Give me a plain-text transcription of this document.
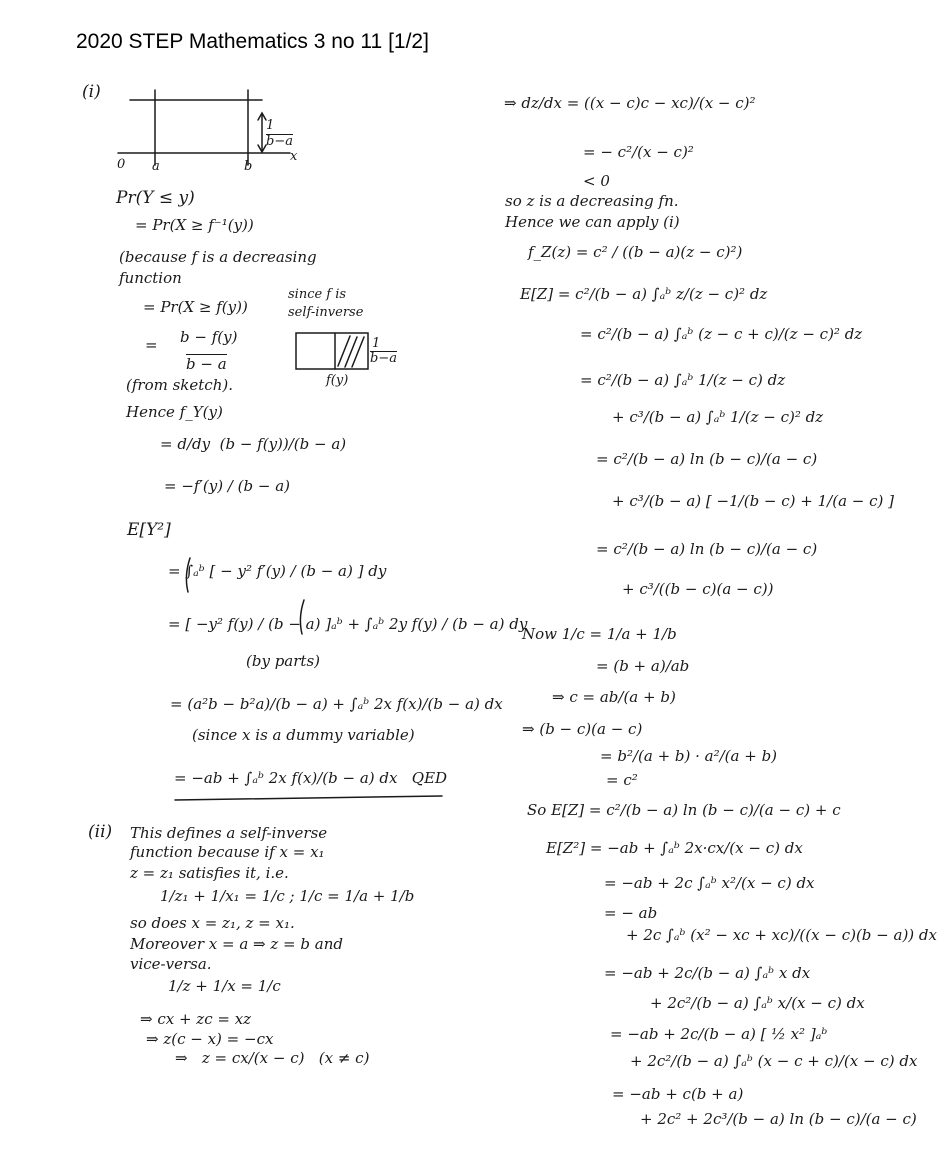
2020 STEP Mathematics 3 no 11 [1/2]
(i)
0 a	b
x
1
b−a
Pr(Y ≤ y)
= Pr(X ≥ f⁻¹(y))
(because f is a decreasing
function
= Pr(X ≥ f(y))
since f is
self-inverse
= b − f(y)
b − a
f(y)
1
b−a
(from sketch).
Hence f_Y(y)
= d/dy  (b − f(y))/(b − a)
= −f′(y) / (b − a)
E[Y²]
= ∫ₐᵇ [ − y² f′(y) / (b − a) ] dy
= [ −y² f(y) / (b − a) ]ₐᵇ + ∫ₐᵇ 2y f(y) / (b − a) dy
(by parts)
= (a²b − b²a)/(b − a) + ∫ₐᵇ 2x f(x)/(b − a) dx
(since x is a dummy variable)
= −ab + ∫ₐᵇ 2x f(x)/(b − a) dx   QED
(ii) This defines a self-inverse
function because if x = x₁
z = z₁ satisfies it, i.e.
1/z₁ + 1/x₁ = 1/c ; 1/c = 1/a + 1/b
so does x = z₁, z = x₁.
Moreover x = a ⇒ z = b and
vice-versa.
1/z + 1/x = 1/c
⇒ cx + zc = xz
⇒ z(c − x) = −cx
⇒   z = cx/(x − c)   (x ≠ c)
⇒ dz/dx = ((x − c)c − xc)/(x − c)²
= − c²/(x − c)²
< 0
so z is a decreasing fn.
Hence we can apply (i)
f_Z(z) = c² / ((b − a)(z − c)²)
E[Z] = c²/(b − a) ∫ₐᵇ z/(z − c)² dz
= c²/(b − a) ∫ₐᵇ (z − c + c)/(z − c)² dz
= c²/(b − a) ∫ₐᵇ 1/(z − c) dz
+ c³/(b − a) ∫ₐᵇ 1/(z − c)² dz
= c²/(b − a) ln (b − c)/(a − c)
+ c³/(b − a) [ −1/(b − c) + 1/(a − c) ]
= c²/(b − a) ln (b − c)/(a − c)
+ c³/((b − c)(a − c))
Now 1/c = 1/a + 1/b
= (b + a)/ab
⇒ c = ab/(a + b)
⇒ (b − c)(a − c)
= b²/(a + b) · a²/(a + b)
= c²
So E[Z] = c²/(b − a) ln (b − c)/(a − c) + c
E[Z²] = −ab + ∫ₐᵇ 2x·cx/(x − c) dx
= −ab + 2c ∫ₐᵇ x²/(x − c) dx
= − ab
+ 2c ∫ₐᵇ (x² − xc + xc)/((x − c)(b − a)) dx
= −ab + 2c/(b − a) ∫ₐᵇ x dx
+ 2c²/(b − a) ∫ₐᵇ x/(x − c) dx
= −ab + 2c/(b − a) [ ½ x² ]ₐᵇ
+ 2c²/(b − a) ∫ₐᵇ (x − c + c)/(x − c) dx
= −ab + c(b + a)
+ 2c² + 2c³/(b − a) ln (b − c)/(a − c)
